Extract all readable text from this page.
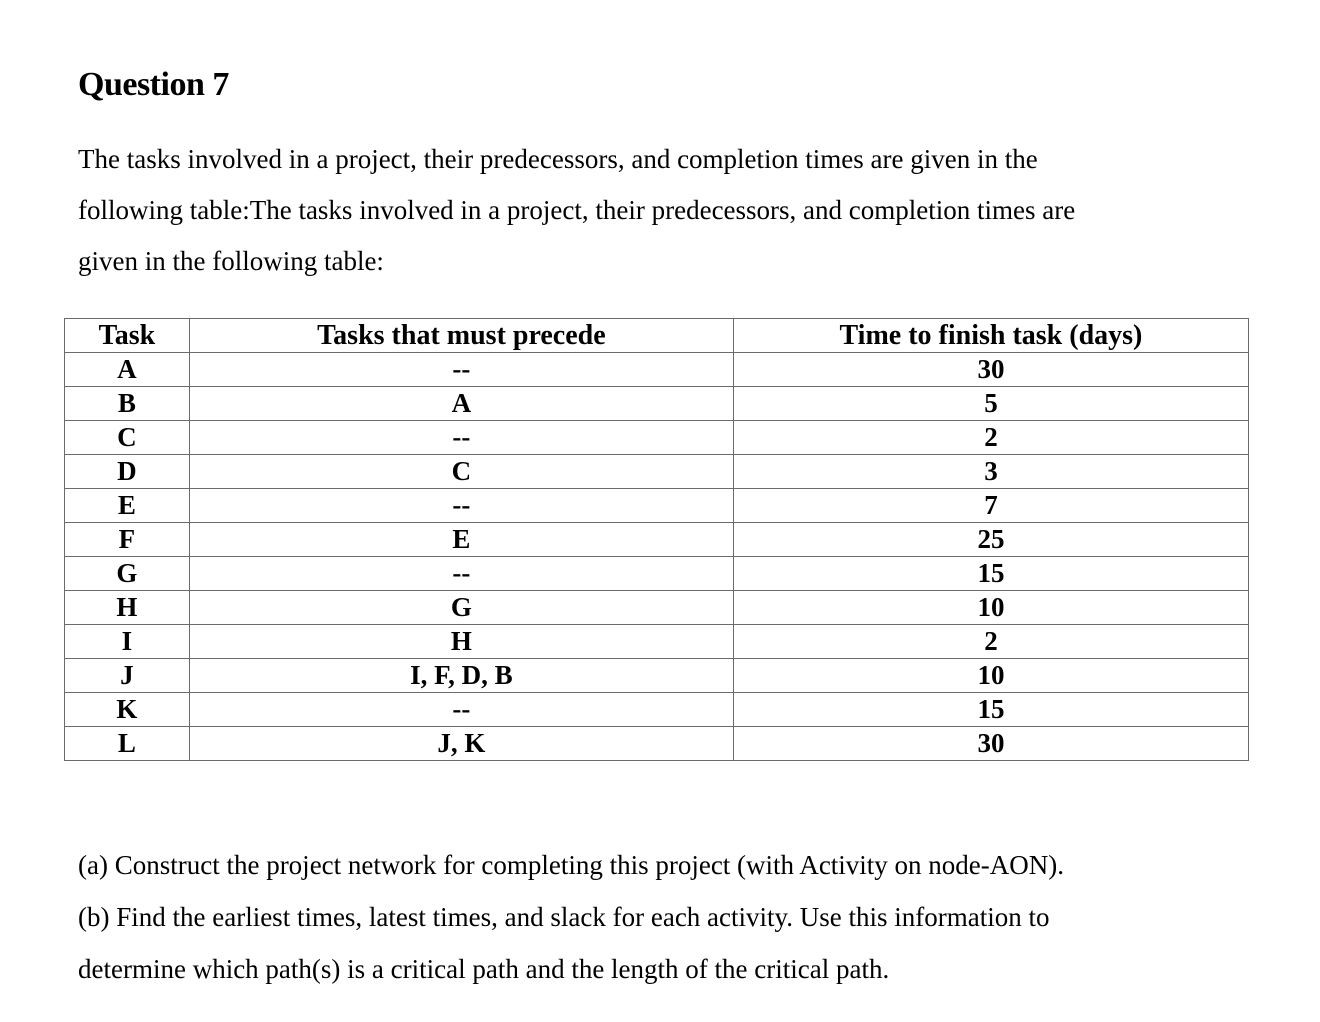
Question 7

The tasks involved in a project, their predecessors, and completion times are given in the
following table:The tasks involved in a project, their predecessors, and completion times are
given in the following table:

Task	Tasks that must precede	Time to finish task (days)
A	--	30
B	A	5
C	--	2
D	C	3
E	--	7
F	E	25
G	--	15
H	G	10
I	H	2
J	I, F, D, B	10
K	--	15
L	J, K	30

(a) Construct the project network for completing this project (with Activity on node-AON).
(b) Find the earliest times, latest times, and slack for each activity. Use this information to
determine which path(s) is a critical path and the length of the critical path.
